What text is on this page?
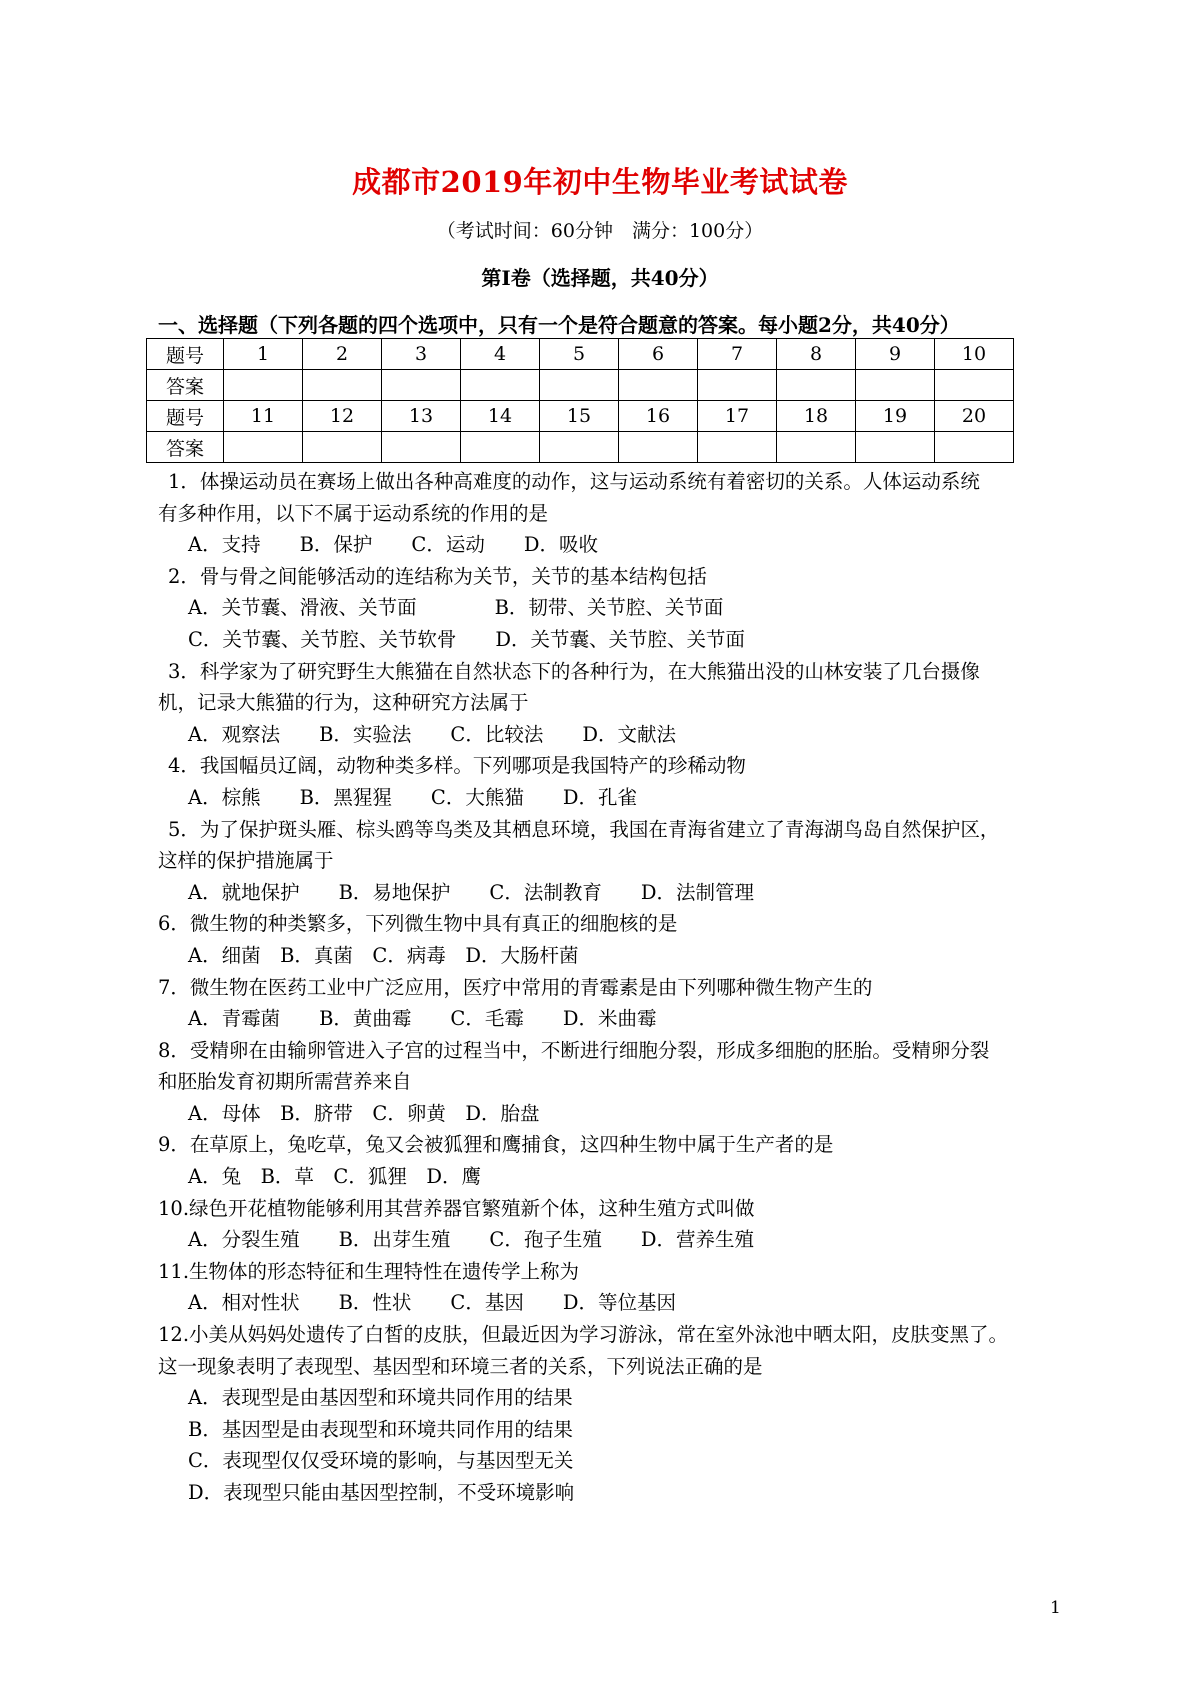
成都市2019年初中生物毕业考试试卷
（考试时间：60分钟　满分：100分）
第Ⅰ卷（选择题，共40分）
一、选择题（下列各题的四个选项中，只有一个是符合题意的答案。每小题2分，共40分）
题号	1	2	3	4	5	6	7	8	9	10
答案										
题号	11	12	13	14	15	16	17	18	19	20
答案										
1．体操运动员在赛场上做出各种高难度的动作，这与运动系统有着密切的关系。人体运动系统
有多种作用，以下不属于运动系统的作用的是
A．支持　　B．保护　　C．运动　　D．吸收
2．骨与骨之间能够活动的连结称为关节，关节的基本结构包括
A．关节囊、滑液、关节面　　　　B．韧带、关节腔、关节面
C．关节囊、关节腔、关节软骨　　D．关节囊、关节腔、关节面
3．科学家为了研究野生大熊猫在自然状态下的各种行为，在大熊猫出没的山林安装了几台摄像
机，记录大熊猫的行为，这种研究方法属于
A．观察法　　B．实验法　　C．比较法　　D．文献法
4．我国幅员辽阔，动物种类多样。下列哪项是我国特产的珍稀动物
A．棕熊　　B．黑猩猩　　C．大熊猫　　D．孔雀
5．为了保护斑头雁、棕头鸥等鸟类及其栖息环境，我国在青海省建立了青海湖鸟岛自然保护区，
这样的保护措施属于
A．就地保护　　B．易地保护　　C．法制教育　　D．法制管理
6．微生物的种类繁多，下列微生物中具有真正的细胞核的是
A．细菌　B．真菌　C．病毒　D．大肠杆菌
7．微生物在医药工业中广泛应用，医疗中常用的青霉素是由下列哪种微生物产生的
A．青霉菌　　B．黄曲霉　　C．毛霉　　D．米曲霉
8．受精卵在由输卵管进入子宫的过程当中，不断进行细胞分裂，形成多细胞的胚胎。受精卵分裂
和胚胎发育初期所需营养来自
A．母体　B．脐带　C．卵黄　D．胎盘
9．在草原上，兔吃草，兔又会被狐狸和鹰捕食，这四种生物中属于生产者的是
A．兔　B．草　C．狐狸　D．鹰
10.绿色开花植物能够利用其营养器官繁殖新个体，这种生殖方式叫做
A．分裂生殖　　B．出芽生殖　　C．孢子生殖　　D．营养生殖
11.生物体的形态特征和生理特性在遗传学上称为
A．相对性状　　B．性状　　C．基因　　D．等位基因
12.小美从妈妈处遗传了白皙的皮肤，但最近因为学习游泳，常在室外泳池中晒太阳，皮肤变黑了。
这一现象表明了表现型、基因型和环境三者的关系，下列说法正确的是
A．表现型是由基因型和环境共同作用的结果
B．基因型是由表现型和环境共同作用的结果
C．表现型仅仅受环境的影响，与基因型无关
D．表现型只能由基因型控制，不受环境影响
1
